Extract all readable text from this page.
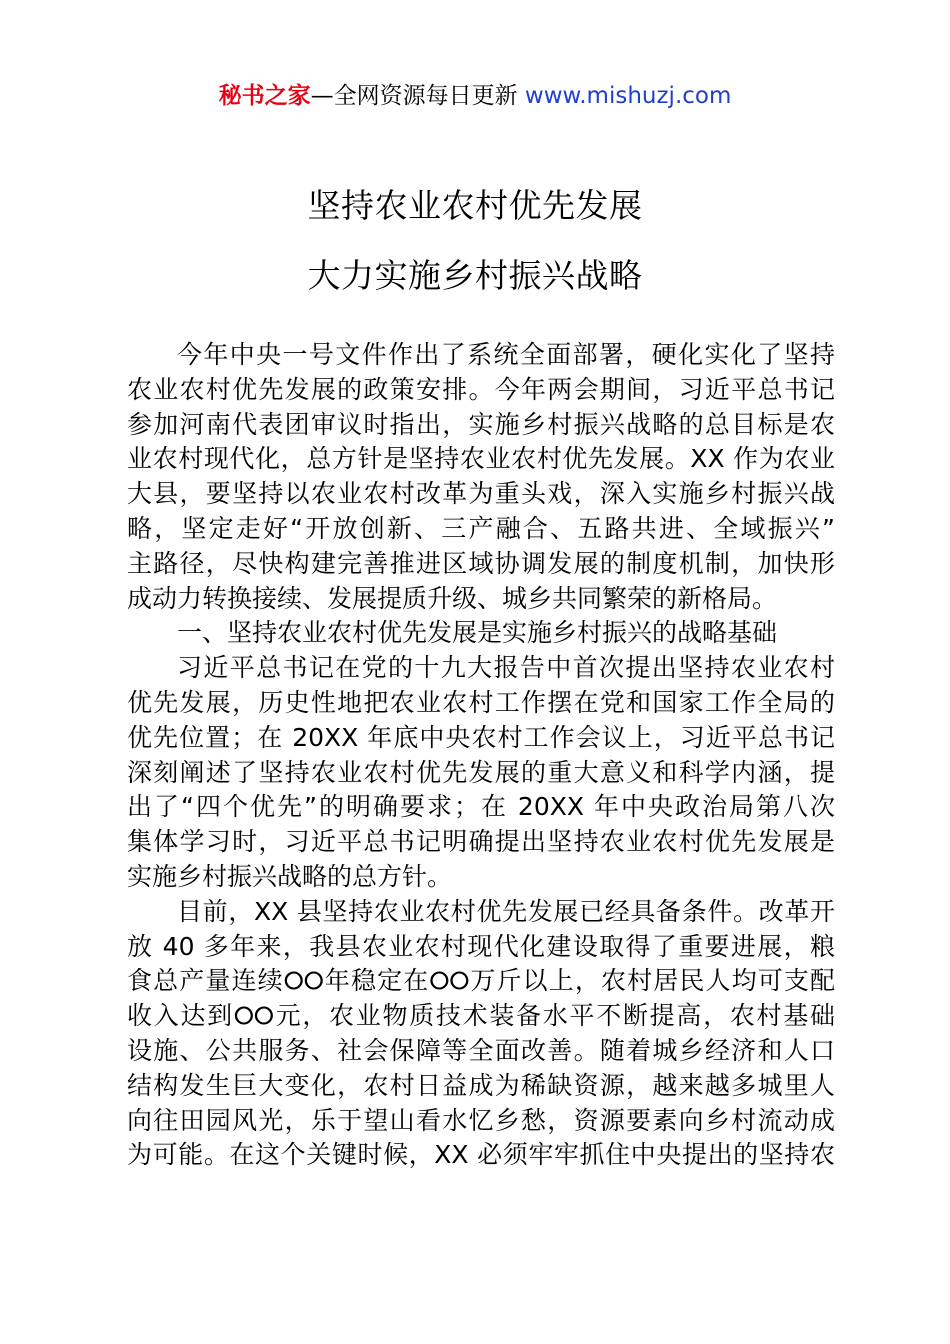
秘书之家—全网资源每日更新 www.mishuzj.com
坚持农业农村优先发展
大力实施乡村振兴战略
今年中央一号文件作出了系统全面部署，硬化实化了坚持
农业农村优先发展的政策安排。今年两会期间，习近平总书记
参加河南代表团审议时指出，实施乡村振兴战略的总目标是农
业农村现代化，总方针是坚持农业农村优先发展。XX 作为农业
大县，要坚持以农业农村改革为重头戏，深入实施乡村振兴战
略，坚定走好“开放创新、三产融合、五路共进、全域振兴”
主路径，尽快构建完善推进区域协调发展的制度机制，加快形
成动力转换接续、发展提质升级、城乡共同繁荣的新格局。
一、坚持农业农村优先发展是实施乡村振兴的战略基础
习近平总书记在党的十九大报告中首次提出坚持农业农村
优先发展，历史性地把农业农村工作摆在党和国家工作全局的
优先位置；在 20XX 年底中央农村工作会议上，习近平总书记
深刻阐述了坚持农业农村优先发展的重大意义和科学内涵，提
出了“四个优先”的明确要求；在 20XX 年中央政治局第八次
集体学习时，习近平总书记明确提出坚持农业农村优先发展是
实施乡村振兴战略的总方针。
目前，XX 县坚持农业农村优先发展已经具备条件。改革开
放 40 多年来，我县农业农村现代化建设取得了重要进展，粮
食总产量连续⭘⭘年稳定在⭘⭘万斤以上，农村居民人均可支配
收入达到⭘⭘元，农业物质技术装备水平不断提高，农村基础
设施、公共服务、社会保障等全面改善。随着城乡经济和人口
结构发生巨大变化，农村日益成为稀缺资源，越来越多城里人
向往田园风光，乐于望山看水忆乡愁，资源要素向乡村流动成
为可能。在这个关键时候，XX 必须牢牢抓住中央提出的坚持农
